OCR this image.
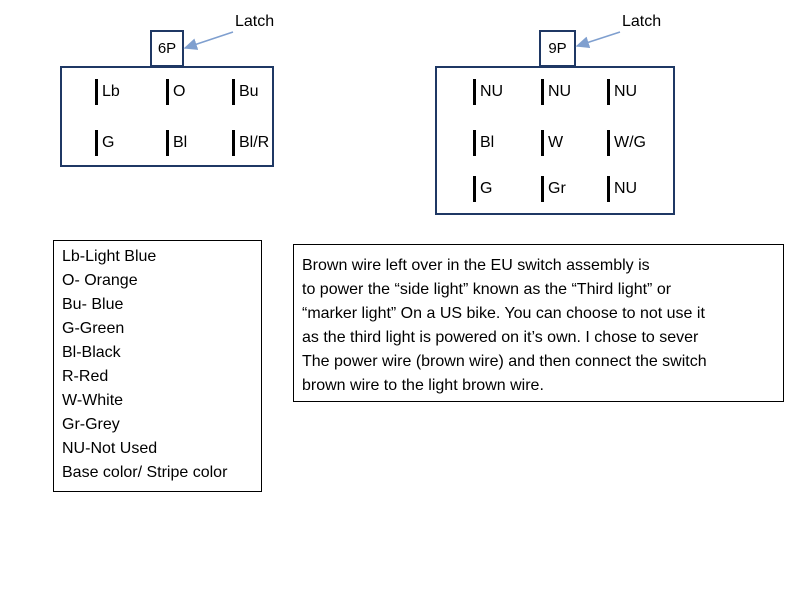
6P
Latch
Lb	O	Bu
G	Bl	Bl/R
9P
Latch
NU	NU	NU
Bl	W	W/G
G	Gr	NU
Lb-Light Blue
O- Orange
Bu- Blue
G-Green
Bl-Black
R-Red
W-White
Gr-Grey
NU-Not Used
Base color/ Stripe color
Brown wire left over in the EU switch assembly is
to power the “side light” known as the “Third light” or
“marker light” On a US bike. You can choose to not use it
as the third light is powered on it’s own. I chose to sever
The power wire (brown wire) and then connect the switch
brown wire to the light brown wire.
